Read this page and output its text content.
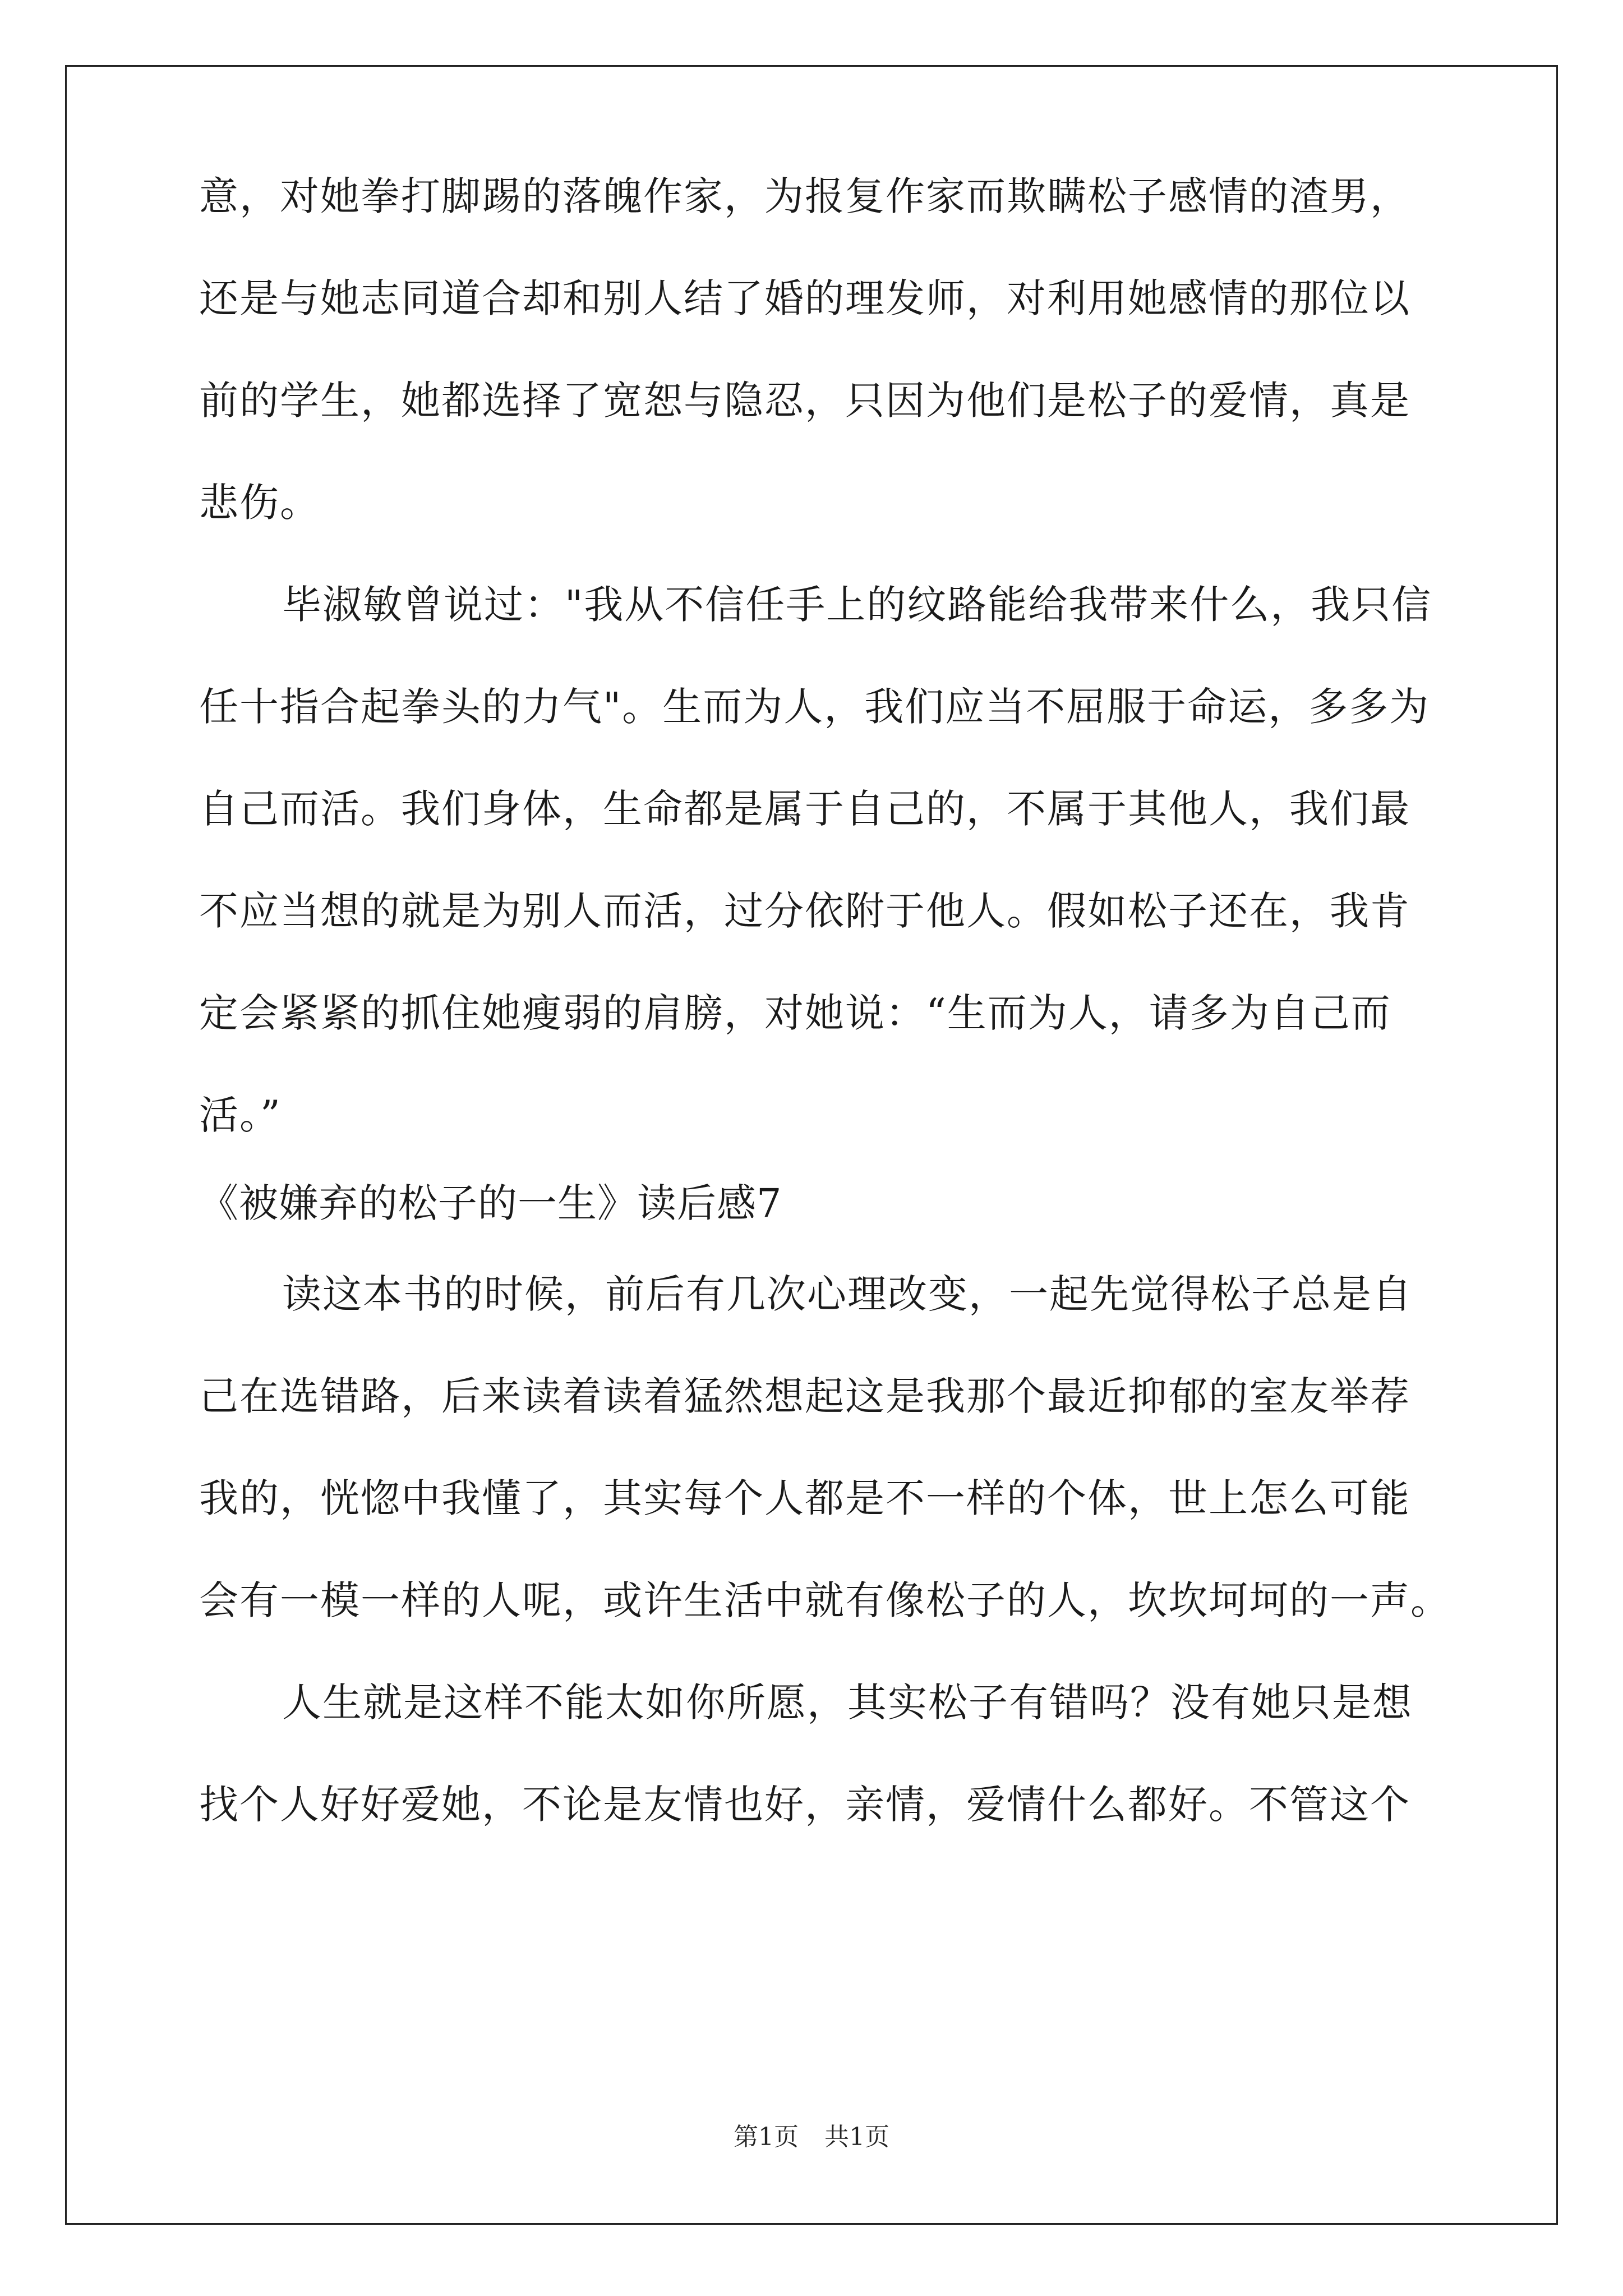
意，对她拳打脚踢的落魄作家，为报复作家而欺瞒松子感情的渣男，
还是与她志同道合却和别人结了婚的理发师，对利用她感情的那位以
前的学生，她都选择了宽恕与隐忍，只因为他们是松子的爱情，真是
悲伤。
毕淑敏曾说过："我从不信任手上的纹路能给我带来什么，我只信
任十指合起拳头的力气"。生而为人，我们应当不屈服于命运，多多为
自己而活。我们身体，生命都是属于自己的，不属于其他人，我们最
不应当想的就是为别人而活，过分依附于他人。假如松子还在，我肯
定会紧紧的抓住她瘦弱的肩膀，对她说：“生而为人，请多为自己而
活。”
《被嫌弃的松子的一生》读后感7
读这本书的时候，前后有几次心理改变，一起先觉得松子总是自
己在选错路，后来读着读着猛然想起这是我那个最近抑郁的室友举荐
我的，恍惚中我懂了，其实每个人都是不一样的个体，世上怎么可能
会有一模一样的人呢，或许生活中就有像松子的人，坎坎坷坷的一声。
人生就是这样不能太如你所愿，其实松子有错吗？没有她只是想
找个人好好爱她，不论是友情也好，亲情，爱情什么都好。不管这个
第1页 共1页
